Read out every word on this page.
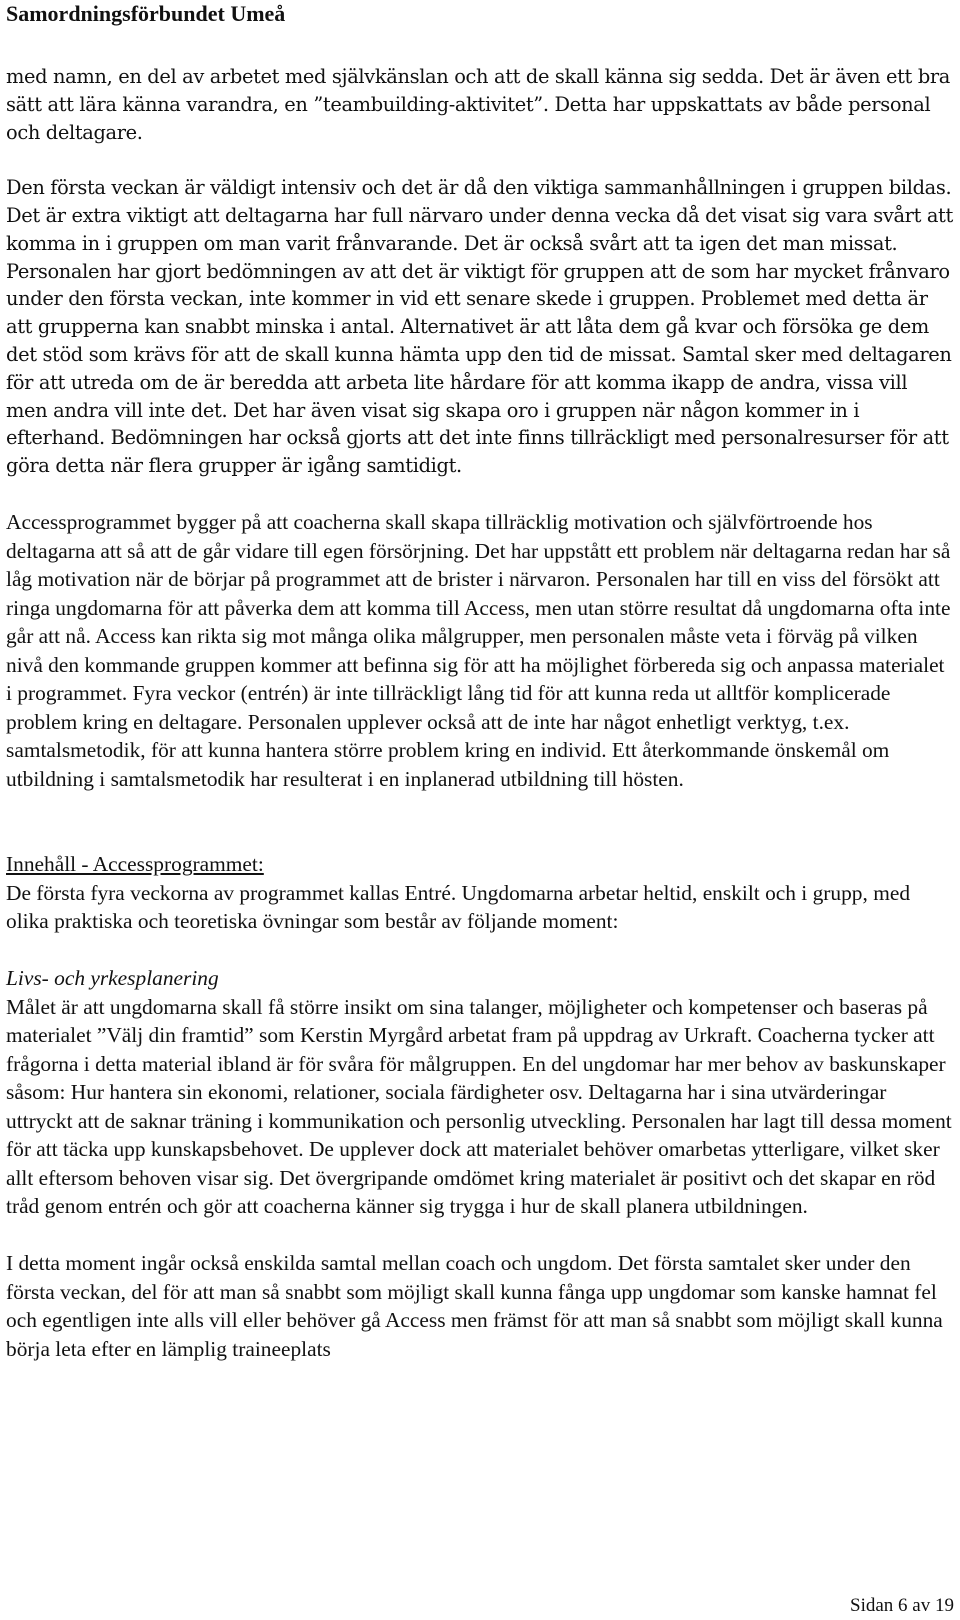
Samordningsförbundet Umeå

med namn, en del av arbetet med självkänslan och att de skall känna sig sedda. Det är även ett bra sätt att lära känna varandra, en ”teambuilding-aktivitet”. Detta har uppskattats av både personal och deltagare.

Den första veckan är väldigt intensiv och det är då den viktiga sammanhållningen i gruppen bildas. Det är extra viktigt att deltagarna har full närvaro under denna vecka då det visat sig vara svårt att komma in i gruppen om man varit frånvarande. Det är också svårt att ta igen det man missat. Personalen har gjort bedömningen av att det är viktigt för gruppen att de som har mycket frånvaro under den första veckan, inte kommer in vid ett senare skede i gruppen. Problemet med detta är att grupperna kan snabbt minska i antal. Alternativet är att låta dem gå kvar och försöka ge dem det stöd som krävs för att de skall kunna hämta upp den tid de missat. Samtal sker med deltagaren för att utreda om de är beredda att arbeta lite hårdare för att komma ikapp de andra, vissa vill men andra vill inte det. Det har även visat sig skapa oro i gruppen när någon kommer in i efterhand. Bedömningen har också gjorts att det inte finns tillräckligt med personalresurser för att göra detta när flera grupper är igång samtidigt.

Accessprogrammet bygger på att coacherna skall skapa tillräcklig motivation och självförtroende hos deltagarna att så att de går vidare till egen försörjning. Det har uppstått ett problem när deltagarna redan har så låg motivation när de börjar på programmet att de brister i närvaron. Personalen har till en viss del försökt att ringa ungdomarna för att påverka dem att komma till Access, men utan större resultat då ungdomarna ofta inte går att nå. Access kan rikta sig mot många olika målgrupper, men personalen måste veta i förväg på vilken nivå den kommande gruppen kommer att befinna sig för att ha möjlighet förbereda sig och anpassa materialet i programmet. Fyra veckor (entrén) är inte tillräckligt lång tid för att kunna reda ut alltför komplicerade problem kring en deltagare. Personalen upplever också att de inte har något enhetligt verktyg, t.ex. samtalsmetodik, för att kunna hantera större problem kring en individ. Ett återkommande önskemål om utbildning i samtalsmetodik har resulterat i en inplanerad utbildning till hösten.

Innehåll - Accessprogrammet:

De första fyra veckorna av programmet kallas Entré. Ungdomarna arbetar heltid, enskilt och i grupp, med olika praktiska och teoretiska övningar som består av följande moment:

Livs- och yrkesplanering

Målet är att ungdomarna skall få större insikt om sina talanger, möjligheter och kompetenser och baseras på materialet ”Välj din framtid” som Kerstin Myrgård arbetat fram på uppdrag av Urkraft. Coacherna tycker att frågorna i detta material ibland är för svåra för målgruppen. En del ungdomar har mer behov av baskunskaper såsom: Hur hantera sin ekonomi, relationer, sociala färdigheter osv. Deltagarna har i sina utvärderingar uttryckt att de saknar träning i kommunikation och personlig utveckling. Personalen har lagt till dessa moment för att täcka upp kunskapsbehovet. De upplever dock att materialet behöver omarbetas ytterligare, vilket sker allt eftersom behoven visar sig. Det övergripande omdömet kring materialet är positivt och det skapar en röd tråd genom entrén och gör att coacherna känner sig trygga i hur de skall planera utbildningen.

I detta moment ingår också enskilda samtal mellan coach och ungdom. Det första samtalet sker under den första veckan, del för att man så snabbt som möjligt skall kunna fånga upp ungdomar som kanske hamnat fel och egentligen inte alls vill eller behöver gå Access men främst för att man så snabbt som möjligt skall kunna börja leta efter en lämplig traineeplats

Sidan 6 av 19
